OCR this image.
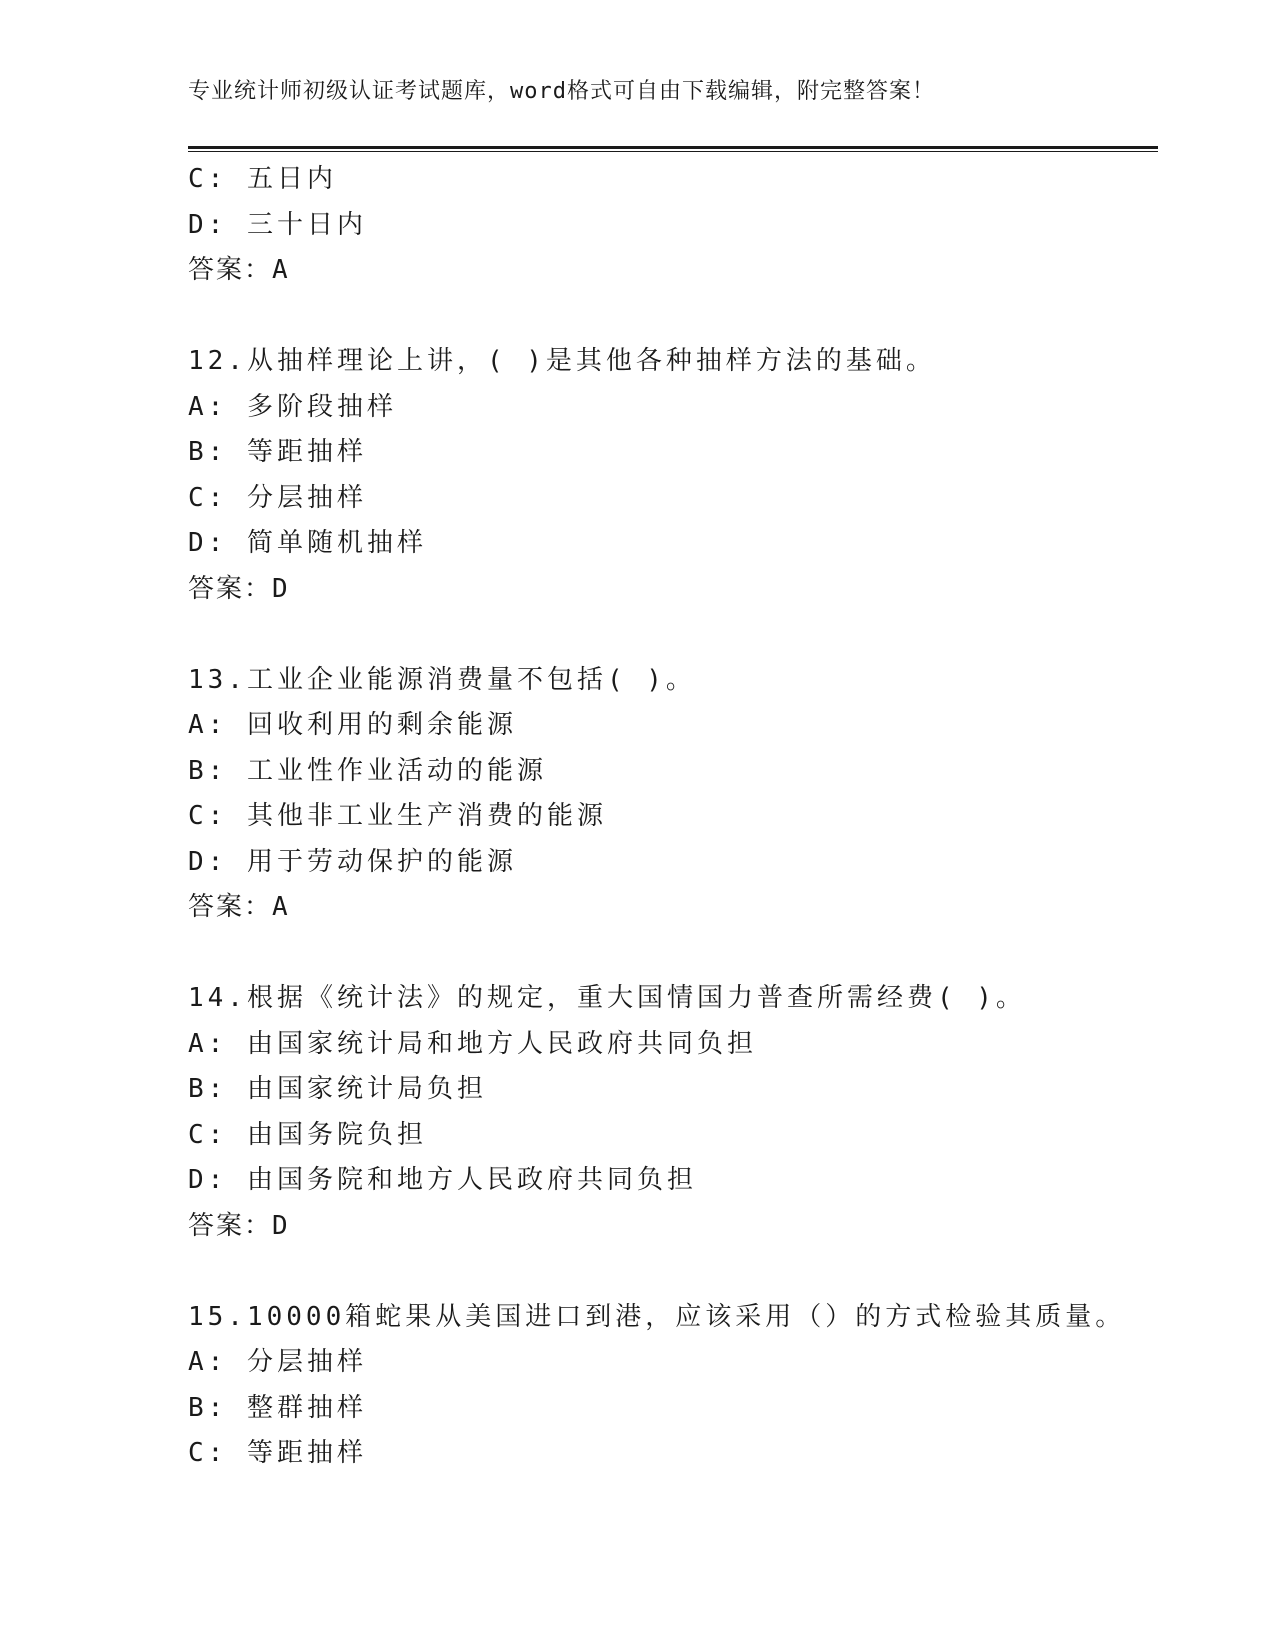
专业统计师初级认证考试题库，word格式可自由下载编辑，附完整答案！
C: 五日内
D: 三十日内
答案：A
12.从抽样理论上讲，( )是其他各种抽样方法的基础。
A: 多阶段抽样
B: 等距抽样
C: 分层抽样
D: 简单随机抽样
答案：D
13.工业企业能源消费量不包括( )。
A: 回收利用的剩余能源
B: 工业性作业活动的能源
C: 其他非工业生产消费的能源
D: 用于劳动保护的能源
答案：A
14.根据《统计法》的规定，重大国情国力普查所需经费( )。
A: 由国家统计局和地方人民政府共同负担
B: 由国家统计局负担
C: 由国务院负担
D: 由国务院和地方人民政府共同负担
答案：D
15.10000箱蛇果从美国进口到港，应该采用（）的方式检验其质量。
A: 分层抽样
B: 整群抽样
C: 等距抽样
